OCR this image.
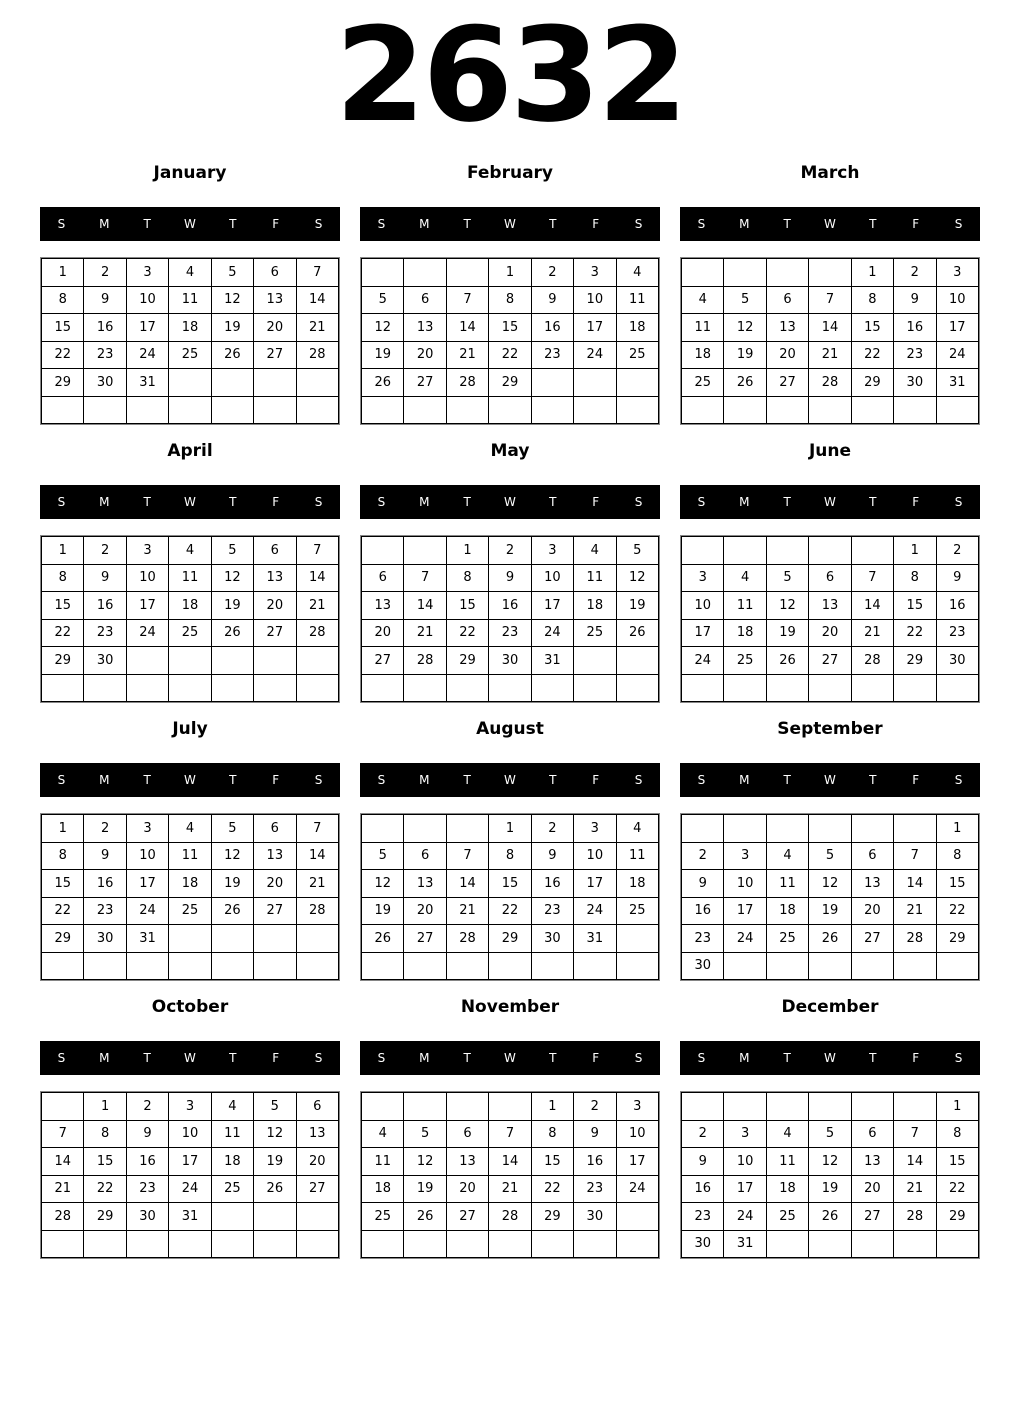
2632
January
S	M	T	W	T	F	S
1	2	3	4	5	6	7
8	9	10	11	12	13	14
15	16	17	18	19	20	21
22	23	24	25	26	27	28
29	30	31				

February
S	M	T	W	T	F	S
			1	2	3	4
5	6	7	8	9	10	11
12	13	14	15	16	17	18
19	20	21	22	23	24	25
26	27	28	29			

March
S	M	T	W	T	F	S
				1	2	3
4	5	6	7	8	9	10
11	12	13	14	15	16	17
18	19	20	21	22	23	24
25	26	27	28	29	30	31

April
S	M	T	W	T	F	S
1	2	3	4	5	6	7
8	9	10	11	12	13	14
15	16	17	18	19	20	21
22	23	24	25	26	27	28
29	30					

May
S	M	T	W	T	F	S
		1	2	3	4	5
6	7	8	9	10	11	12
13	14	15	16	17	18	19
20	21	22	23	24	25	26
27	28	29	30	31		

June
S	M	T	W	T	F	S
					1	2
3	4	5	6	7	8	9
10	11	12	13	14	15	16
17	18	19	20	21	22	23
24	25	26	27	28	29	30

July
S	M	T	W	T	F	S
1	2	3	4	5	6	7
8	9	10	11	12	13	14
15	16	17	18	19	20	21
22	23	24	25	26	27	28
29	30	31				

August
S	M	T	W	T	F	S
			1	2	3	4
5	6	7	8	9	10	11
12	13	14	15	16	17	18
19	20	21	22	23	24	25
26	27	28	29	30	31	

September
S	M	T	W	T	F	S
						1
2	3	4	5	6	7	8
9	10	11	12	13	14	15
16	17	18	19	20	21	22
23	24	25	26	27	28	29
30						
October
S	M	T	W	T	F	S
	1	2	3	4	5	6
7	8	9	10	11	12	13
14	15	16	17	18	19	20
21	22	23	24	25	26	27
28	29	30	31			

November
S	M	T	W	T	F	S
				1	2	3
4	5	6	7	8	9	10
11	12	13	14	15	16	17
18	19	20	21	22	23	24
25	26	27	28	29	30	

December
S	M	T	W	T	F	S
						1
2	3	4	5	6	7	8
9	10	11	12	13	14	15
16	17	18	19	20	21	22
23	24	25	26	27	28	29
30	31					
